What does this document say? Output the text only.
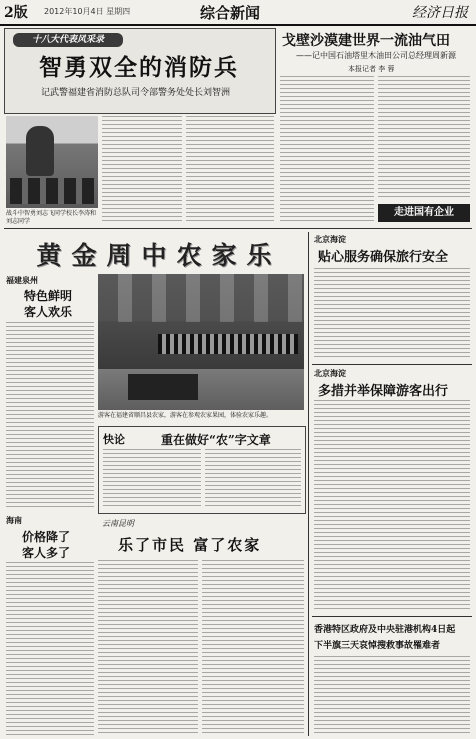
2版 2012年10月4日 星期四	综合新闻	经济日报
十八大代表风采录
智勇双全的消防兵
记武警福建省消防总队司令部警务处处长刘智洲
战斗中智勇刘志飞同学校长李涛和刘志同学
戈壁沙漠建世界一流油气田
——记中国石油塔里木油田公司总经理周新源
本报记者 李 蓉
走进国有企业
黄金周中农家乐
福建泉州
特色鲜明
客人欢乐
游客在福建省顺昌县农家，游客在参观农家果园，体验农家乐趣。
海南
价格降了
客人多了
快论	重在做好“农”字文章
云南昆明
乐了市民 富了农家
北京海淀
贴心服务确保旅行安全
北京海淀
多措并举保障游客出行
香港特区政府及中央驻港机构4日起
下半旗三天哀悼搜救事故罹难者
